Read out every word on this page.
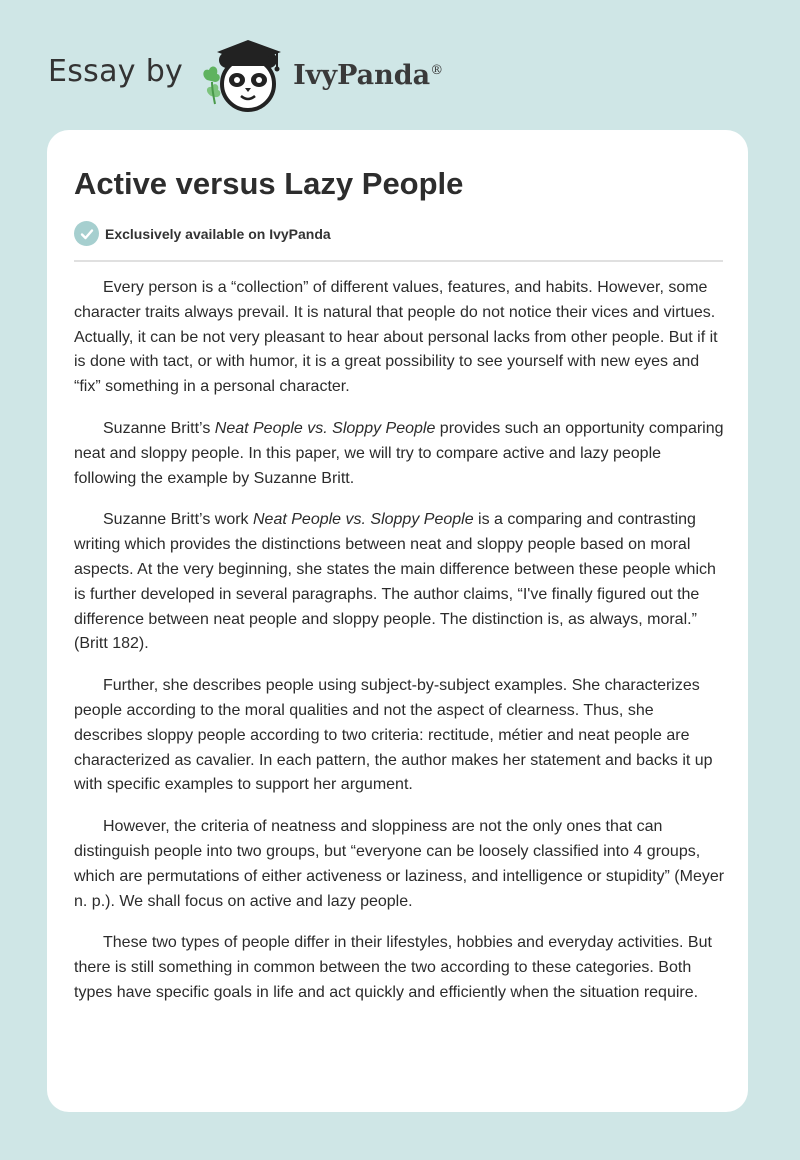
Essay by	IvyPanda®
Active versus Lazy People
Exclusively available on IvyPanda

Every person is a “collection” of different values, features, and habits. However, some character traits always prevail. It is natural that people do not notice their vices and virtues. Actually, it can be not very pleasant to hear about personal lacks from other people. But if it is done with tact, or with humor, it is a great possibility to see yourself with new eyes and “fix” something in a personal character.

Suzanne Britt’s Neat People vs. Sloppy People provides such an opportunity comparing neat and sloppy people. In this paper, we will try to compare active and lazy people following the example by Suzanne Britt.

Suzanne Britt’s work Neat People vs. Sloppy People is a comparing and contrasting writing which provides the distinctions between neat and sloppy people based on moral aspects. At the very beginning, she states the main difference between these people which is further developed in several paragraphs. The author claims, “I've finally figured out the difference between neat people and sloppy people. The distinction is, as always, moral.” (Britt 182).

Further, she describes people using subject-by-subject examples. She characterizes people according to the moral qualities and not the aspect of clearness. Thus, she describes sloppy people according to two criteria: rectitude, métier and neat people are characterized as cavalier. In each pattern, the author makes her statement and backs it up with specific examples to support her argument.

However, the criteria of neatness and sloppiness are not the only ones that can distinguish people into two groups, but “everyone can be loosely classified into 4 groups, which are permutations of either activeness or laziness, and intelligence or stupidity” (Meyer n. p.). We shall focus on active and lazy people.

These two types of people differ in their lifestyles, hobbies and everyday activities. But there is still something in common between the two according to these categories. Both types have specific goals in life and act quickly and efficiently when the situation require.
